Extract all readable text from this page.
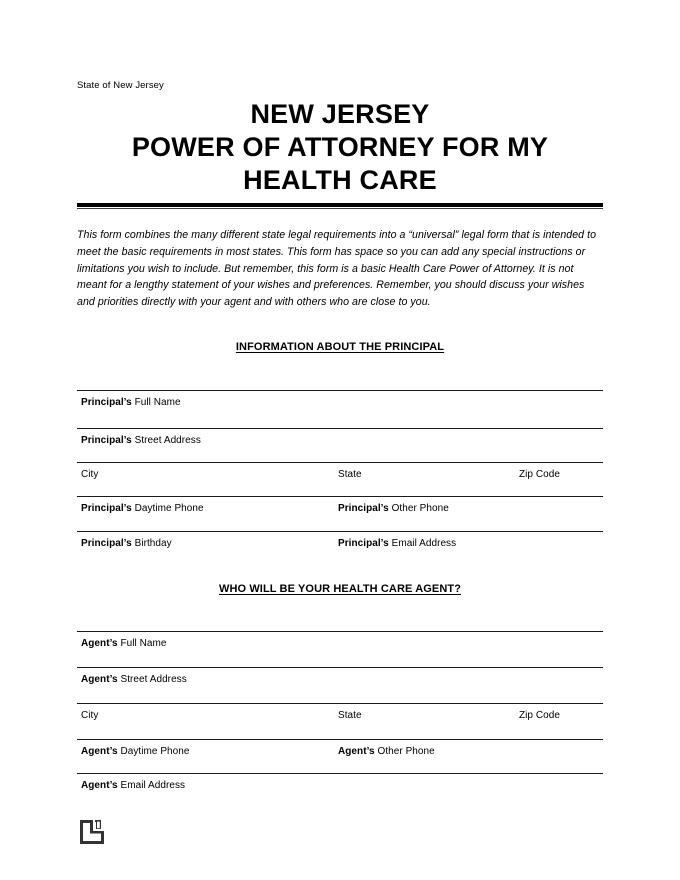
State of New Jersey
NEW JERSEY
POWER OF ATTORNEY FOR MY
HEALTH CARE
This form combines the many different state legal requirements into a “universal” legal form that is intended to meet the basic requirements in most states. This form has space so you can add any special instructions or limitations you wish to include. But remember, this form is a basic Health Care Power of Attorney. It is not meant for a lengthy statement of your wishes and preferences. Remember, you should discuss your wishes and priorities directly with your agent and with others who are close to you.
INFORMATION ABOUT THE PRINCIPAL
Principal’s Full Name
Principal’s Street Address
City	State	Zip Code
Principal’s Daytime Phone	Principal’s Other Phone
Principal’s Birthday	Principal’s Email Address
WHO WILL BE YOUR HEALTH CARE AGENT?
Agent’s Full Name
Agent’s Street Address
City	State	Zip Code
Agent’s Daytime Phone	Agent’s Other Phone
Agent’s Email Address
